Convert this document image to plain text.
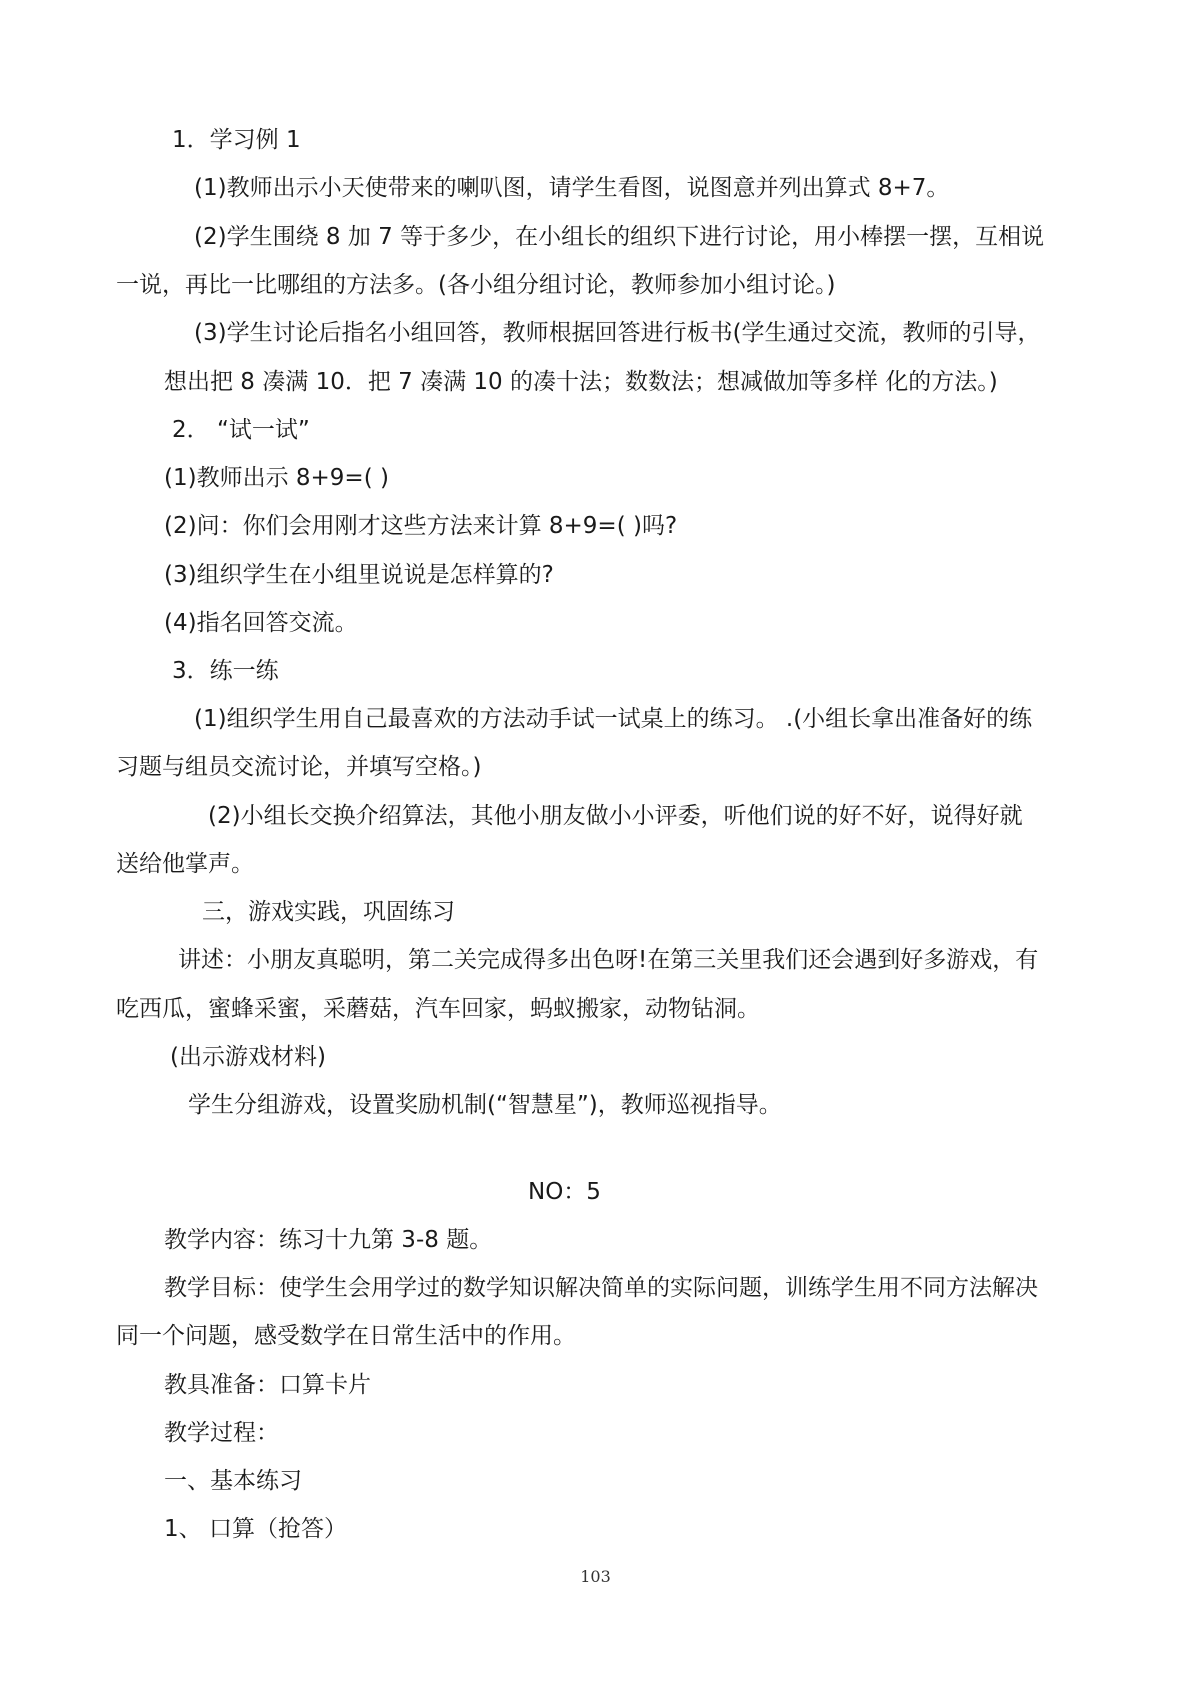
1．学习例 1

(1)教师出示小天使带来的喇叭图，请学生看图，说图意并列出算式 8+7。

(2)学生围绕 8 加 7 等于多少，在小组长的组织下进行讨论，用小棒摆一摆，互相说

一说，再比一比哪组的方法多。(各小组分组讨论，教师参加小组讨论。)

(3)学生讨论后指名小组回答，教师根据回答进行板书(学生通过交流，教师的引导，

想出把 8 凑满 10．把 7 凑满 10 的凑十法；数数法；想减做加等多样 化的方法。)

2． “试一试”

(1)教师出示 8+9=( )

(2)问：你们会用刚才这些方法来计算 8+9=( )吗?

(3)组织学生在小组里说说是怎样算的?

(4)指名回答交流。

3．练一练

(1)组织学生用自己最喜欢的方法动手试一试桌上的练习。 .(小组长拿出准备好的练

习题与组员交流讨论，并填写空格。)

(2)小组长交换介绍算法，其他小朋友做小小评委，听他们说的好不好，说得好就

送给他掌声。

三，游戏实践，巩固练习

讲述：小朋友真聪明，第二关完成得多出色呀!在第三关里我们还会遇到好多游戏，有

吃西瓜，蜜蜂采蜜，采蘑菇，汽车回家，蚂蚁搬家，动物钻洞。

(出示游戏材料)

学生分组游戏，设置奖励机制(“智慧星”)，教师巡视指导。

NO：5

教学内容：练习十九第 3-8 题。

教学目标：使学生会用学过的数学知识解决简单的实际问题，训练学生用不同方法解决

同一个问题，感受数学在日常生活中的作用。

教具准备：口算卡片

教学过程：

一、基本练习

1、 口算（抢答）

103
